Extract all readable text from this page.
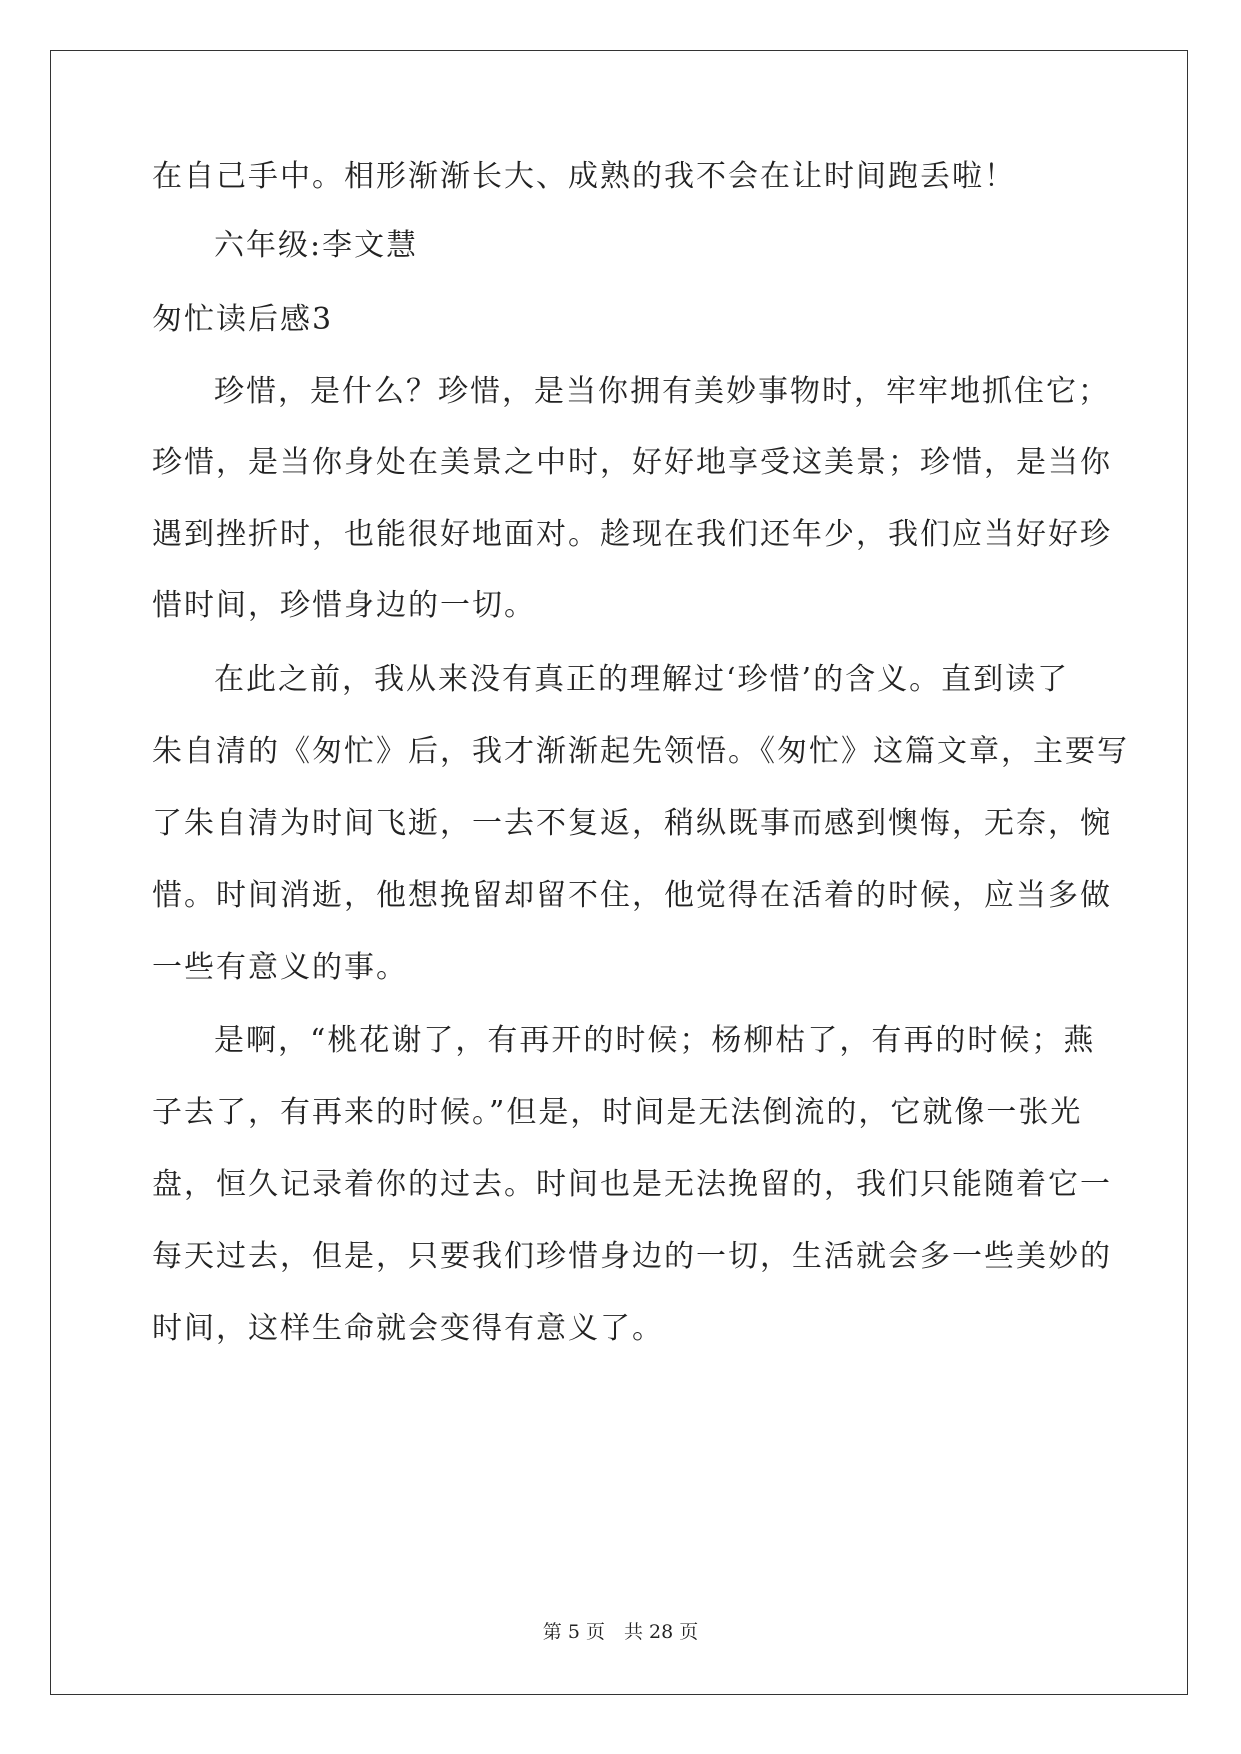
在自己手中。相形渐渐长大、成熟的我不会在让时间跑丢啦！
六年级:李文慧
匆忙读后感3
珍惜，是什么？珍惜，是当你拥有美妙事物时，牢牢地抓住它；
珍惜，是当你身处在美景之中时，好好地享受这美景；珍惜，是当你
遇到挫折时，也能很好地面对。趁现在我们还年少，我们应当好好珍
惜时间，珍惜身边的一切。
在此之前，我从来没有真正的理解过‘珍惜’的含义。直到读了
朱自清的《匆忙》后，我才渐渐起先领悟。《匆忙》这篇文章，主要写
了朱自清为时间飞逝，一去不复返，稍纵既事而感到懊悔，无奈，惋
惜。时间消逝，他想挽留却留不住，他觉得在活着的时候，应当多做
一些有意义的事。
是啊，“桃花谢了，有再开的时候；杨柳枯了，有再的时候；燕
子去了，有再来的时候。”但是，时间是无法倒流的，它就像一张光
盘，恒久记录着你的过去。时间也是无法挽留的，我们只能随着它一
每天过去，但是，只要我们珍惜身边的一切，生活就会多一些美妙的
时间，这样生命就会变得有意义了。
第 5 页　共 28 页
